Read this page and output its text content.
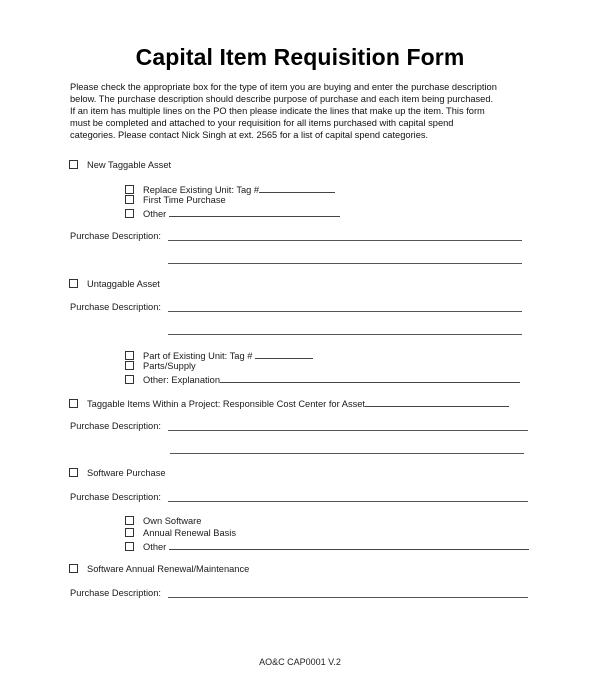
Capital Item Requisition Form
Please check the appropriate box for the type of item you are buying and enter the purchase description
below. The purchase description should describe purpose of purchase and each item being purchased.
If an item has multiple lines on the PO then please indicate the lines that make up the item. This form
must be completed and attached to your requisition for all items purchased with capital spend
categories. Please contact Nick Singh at ext. 2565 for a list of capital spend categories.
New Taggable Asset
Replace Existing Unit: Tag #
First Time Purchase
Other
Purchase Description:
Untaggable Asset
Purchase Description:
Part of Existing Unit: Tag #
Parts/Supply
Other: Explanation
Taggable Items Within a Project: Responsible Cost Center for Asset
Purchase Description:
Software Purchase
Purchase Description:
Own Software
Annual Renewal Basis
Other
Software Annual Renewal/Maintenance
Purchase Description:
AO&C CAP0001 V.2
